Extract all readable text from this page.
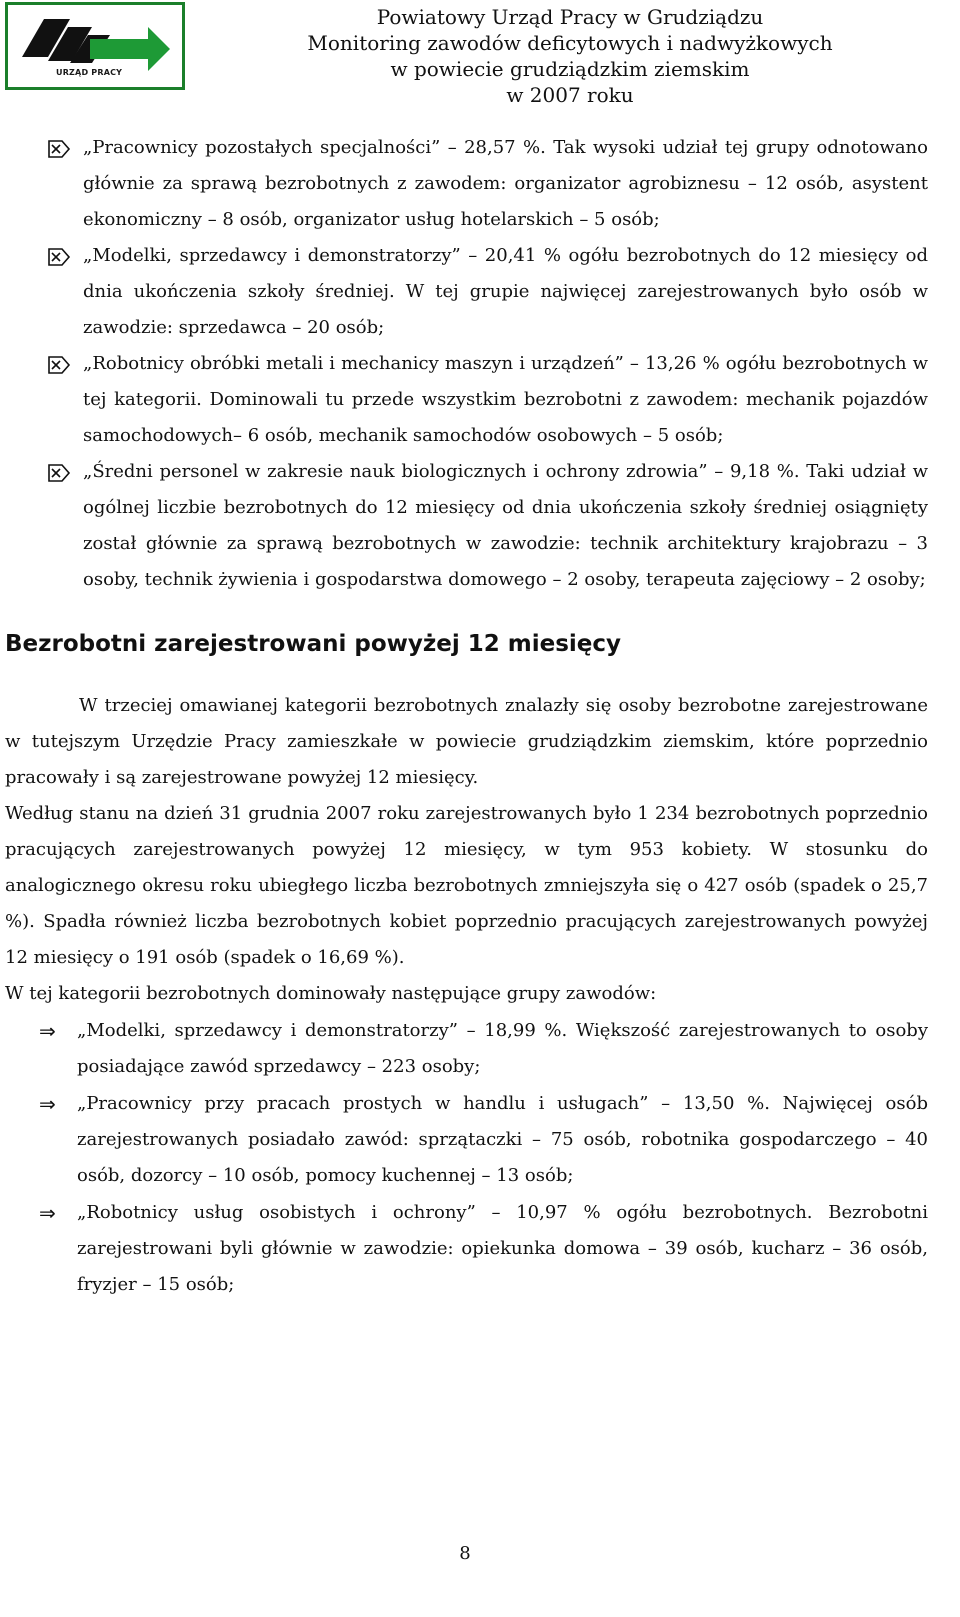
URZĄD PRACY
Powiatowy Urząd Pracy w Grudziądzu
Monitoring zawodów deficytowych i nadwyżkowych
w powiecie grudziądzkim ziemskim
w 2007 roku

„Pracownicy pozostałych specjalności” – 28,57 %. Tak wysoki udział tej grupy odnotowano głównie za sprawą bezrobotnych z zawodem: organizator agrobiznesu – 12 osób, asystent ekonomiczny – 8 osób, organizator usług hotelarskich – 5 osób;

„Modelki, sprzedawcy i demonstratorzy” – 20,41 % ogółu bezrobotnych do 12 miesięcy od dnia ukończenia szkoły średniej. W tej grupie najwięcej zarejestrowanych było osób w zawodzie: sprzedawca – 20 osób;

„Robotnicy obróbki metali i mechanicy maszyn i urządzeń” – 13,26 % ogółu bezrobotnych w tej kategorii. Dominowali tu przede wszystkim bezrobotni z zawodem: mechanik pojazdów samochodowych– 6 osób, mechanik samochodów osobowych – 5 osób;

„Średni personel w zakresie nauk biologicznych i ochrony zdrowia” – 9,18 %. Taki udział w ogólnej liczbie bezrobotnych do 12 miesięcy od dnia ukończenia szkoły średniej osiągnięty został głównie za sprawą bezrobotnych w zawodzie: technik architektury krajobrazu – 3 osoby, technik żywienia i gospodarstwa domowego – 2 osoby, terapeuta zajęciowy – 2 osoby;

Bezrobotni zarejestrowani powyżej 12 miesięcy

W trzeciej omawianej kategorii bezrobotnych znalazły się osoby bezrobotne zarejestrowane w tutejszym Urzędzie Pracy zamieszkałe w powiecie grudziądzkim ziemskim, które poprzednio pracowały i są zarejestrowane powyżej 12 miesięcy.

Według stanu na dzień 31 grudnia 2007 roku zarejestrowanych było 1 234 bezrobotnych poprzednio pracujących zarejestrowanych powyżej 12 miesięcy, w tym 953 kobiety. W stosunku do analogicznego okresu roku ubiegłego liczba bezrobotnych zmniejszyła się o 427 osób (spadek o 25,7 %). Spadła również liczba bezrobotnych kobiet poprzednio pracujących zarejestrowanych powyżej 12 miesięcy o 191 osób (spadek o 16,69 %).

W tej kategorii bezrobotnych dominowały następujące grupy zawodów:

⇒ „Modelki, sprzedawcy i demonstratorzy” – 18,99 %. Większość zarejestrowanych to osoby posiadające zawód sprzedawcy – 223 osoby;

⇒ „Pracownicy przy pracach prostych w handlu i usługach” – 13,50 %. Najwięcej osób zarejestrowanych posiadało zawód: sprzątaczki – 75 osób, robotnika gospodarczego – 40 osób, dozorcy – 10 osób, pomocy kuchennej – 13 osób;

⇒ „Robotnicy usług osobistych i ochrony” – 10,97 % ogółu bezrobotnych. Bezrobotni zarejestrowani byli głównie w zawodzie: opiekunka domowa – 39 osób, kucharz – 36 osób, fryzjer – 15 osób;

8
